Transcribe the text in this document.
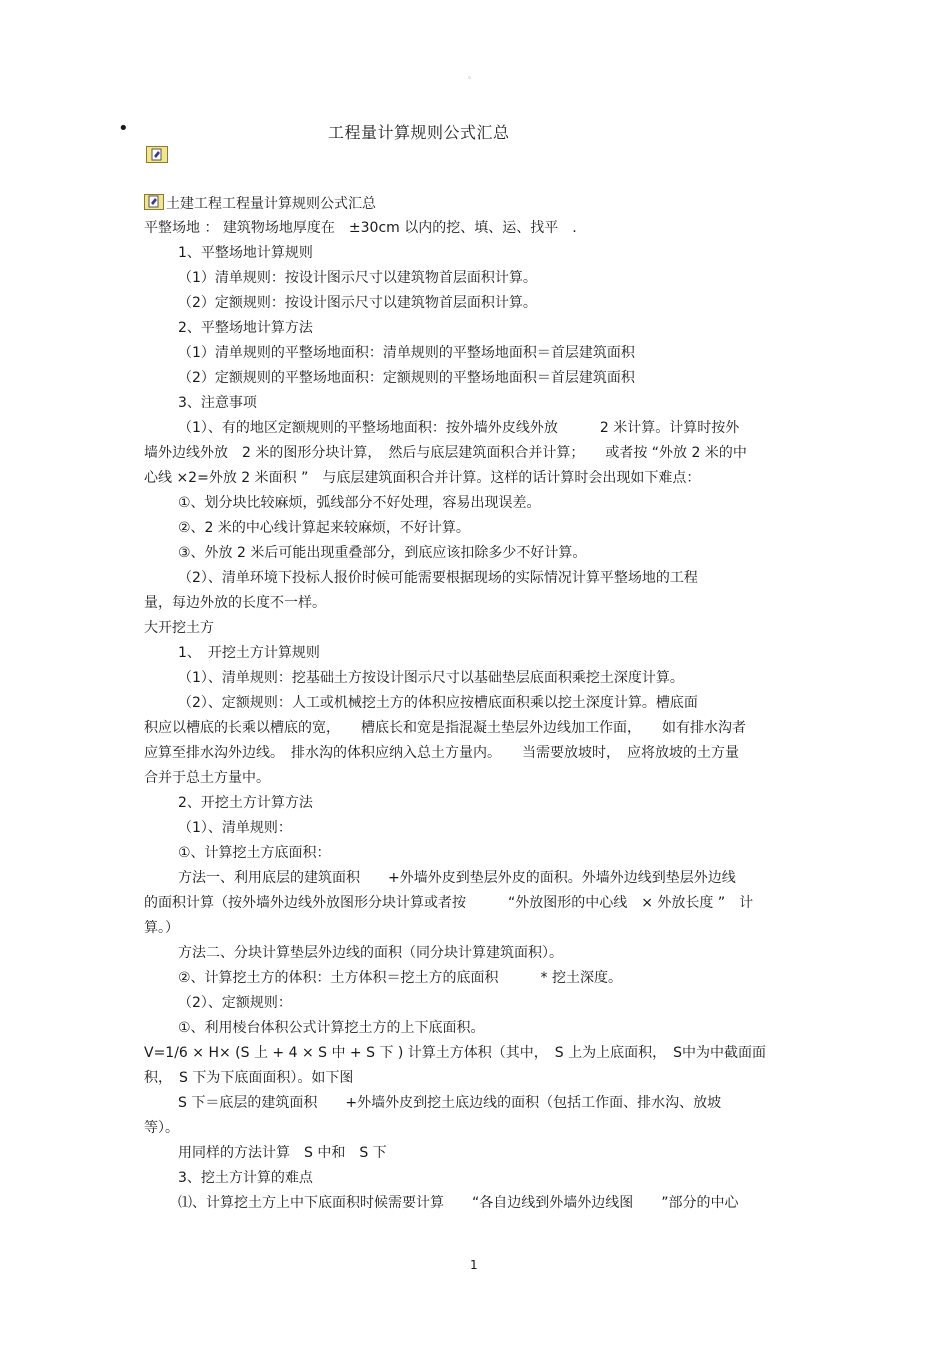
。
•	工程量计算规则公式汇总
土建工程工程量计算规则公式汇总
平整场地 ： 建筑物场地厚度在　±30cm 以内的挖、填、运、找平　.
1、平整场地计算规则
（1）清单规则：按设计图示尺寸以建筑物首层面积计算。
（2）定额规则：按设计图示尺寸以建筑物首层面积计算。
2、平整场地计算方法
（1）清单规则的平整场地面积：清单规则的平整场地面积＝首层建筑面积
（2）定额规则的平整场地面积：定额规则的平整场地面积＝首层建筑面积
3、注意事项
（1）、有的地区定额规则的平整场地面积：按外墙外皮线外放　　　2 米计算。计算时按外
墙外边线外放　2 米的图形分块计算，　然后与底层建筑面积合并计算；　　或者按 “外放 2 米的中
心线 ×2=外放 2 米面积 ”　与底层建筑面积合并计算。这样的话计算时会出现如下难点：
①、划分块比较麻烦，弧线部分不好处理，容易出现误差。
②、2 米的中心线计算起来较麻烦，不好计算。
③、外放 2 米后可能出现重叠部分，到底应该扣除多少不好计算。
（2）、清单环境下投标人报价时候可能需要根据现场的实际情况计算平整场地的工程
量，每边外放的长度不一样。
大开挖土方
1、　开挖土方计算规则
（1）、清单规则：挖基础土方按设计图示尺寸以基础垫层底面积乘挖土深度计算。
（2）、定额规则：人工或机械挖土方的体积应按槽底面积乘以挖土深度计算。槽底面
积应以槽底的长乘以槽底的宽，　　槽底长和宽是指混凝土垫层外边线加工作面，　　如有排水沟者
应算至排水沟外边线。　排水沟的体积应纳入总土方量内。　　当需要放坡时，　应将放坡的土方量
合并于总土方量中。
2、开挖土方计算方法
（1）、清单规则：
①、计算挖土方底面积：
方法一、利用底层的建筑面积　　+外墙外皮到垫层外皮的面积。外墙外边线到垫层外边线
的面积计算（按外墙外边线外放图形分块计算或者按　　　“外放图形的中心线　× 外放长度 ”　计
算。）
方法二、分块计算垫层外边线的面积（同分块计算建筑面积）。
②、计算挖土方的体积：土方体积＝挖土方的底面积　　　* 挖土深度。
（2）、定额规则：
①、利用棱台体积公式计算挖土方的上下底面积。
V=1/6 × H× (S 上 + 4 × S 中 + S 下 ) 计算土方体积（其中，　S 上为上底面积，　S中为中截面面
积，　S 下为下底面面积）。如下图
S 下＝底层的建筑面积　　+外墙外皮到挖土底边线的面积（包括工作面、排水沟、放坡
等）。
用同样的方法计算　S 中和　S 下
3、挖土方计算的难点
⑴、计算挖土方上中下底面积时候需要计算　　“各自边线到外墙外边线图　　”部分的中心
1
